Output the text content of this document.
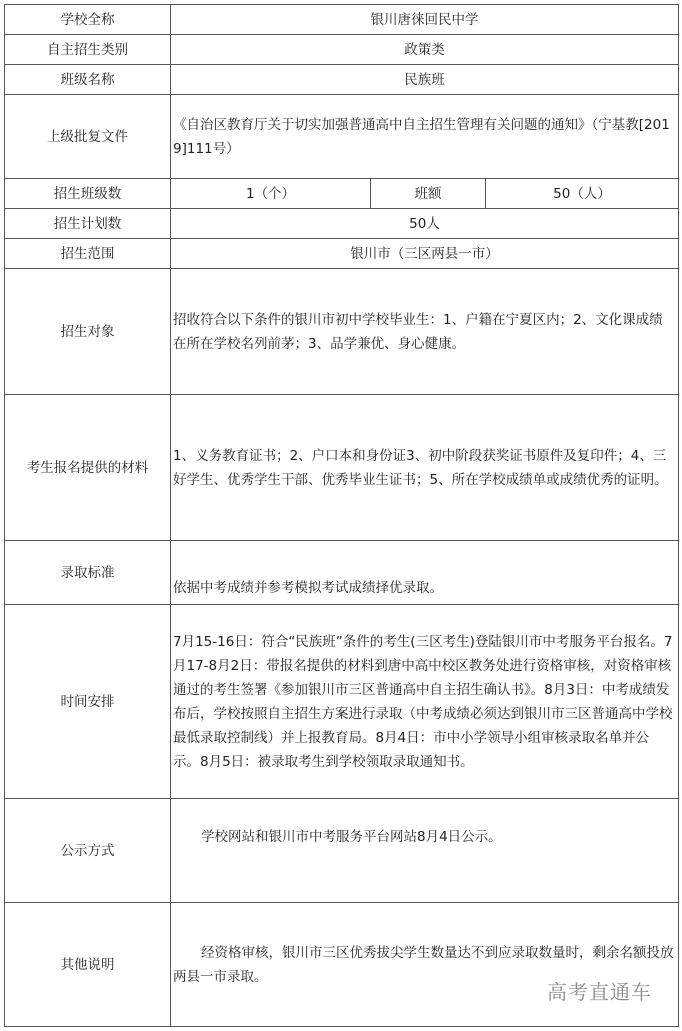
学校全称	银川唐徕回民中学		
自主招生类别	政策类		
班级名称	民族班		
上级批复文件	《自治区教育厅关于切实加强普通高中自主招生管理有关问题的通知》（宁基教[2019]111号）		
招生班级数	1（个）	班额	50（人）
招生计划数	50人		
招生范围	银川市（三区两县一市）		
招生对象	招收符合以下条件的银川市初中学校毕业生：1、户籍在宁夏区内；2、文化课成绩在所在学校名列前茅；3、品学兼优、身心健康。		
考生报名提供的材料	1、义务教育证书；2、户口本和身份证3、初中阶段获奖证书原件及复印件；4、三好学生、优秀学生干部、优秀毕业生证书；5、所在学校成绩单或成绩优秀的证明。		
录取标准	依据中考成绩并参考模拟考试成绩择优录取。		
时间安排	7月15-16日：符合“民族班”条件的考生(三区考生)登陆银川市中考服务平台报名。7月17-8月2日：带报名提供的材料到唐中高中校区教务处进行资格审核，对资格审核通过的考生签署《参加银川市三区普通高中自主招生确认书》。8月3日：中考成绩发布后，学校按照自主招生方案进行录取（中考成绩必须达到银川市三区普通高中学校最低录取控制线）并上报教育局。8月4日：市中小学领导小组审核录取名单并公示。8月5日：被录取考生到学校领取录取通知书。		
公示方式	学校网站和银川市中考服务平台网站8月4日公示。		
其他说明	经资格审核，银川市三区优秀拔尖学生数量达不到应录取数量时，剩余名额投放两县一市录取。		
高考直通车
